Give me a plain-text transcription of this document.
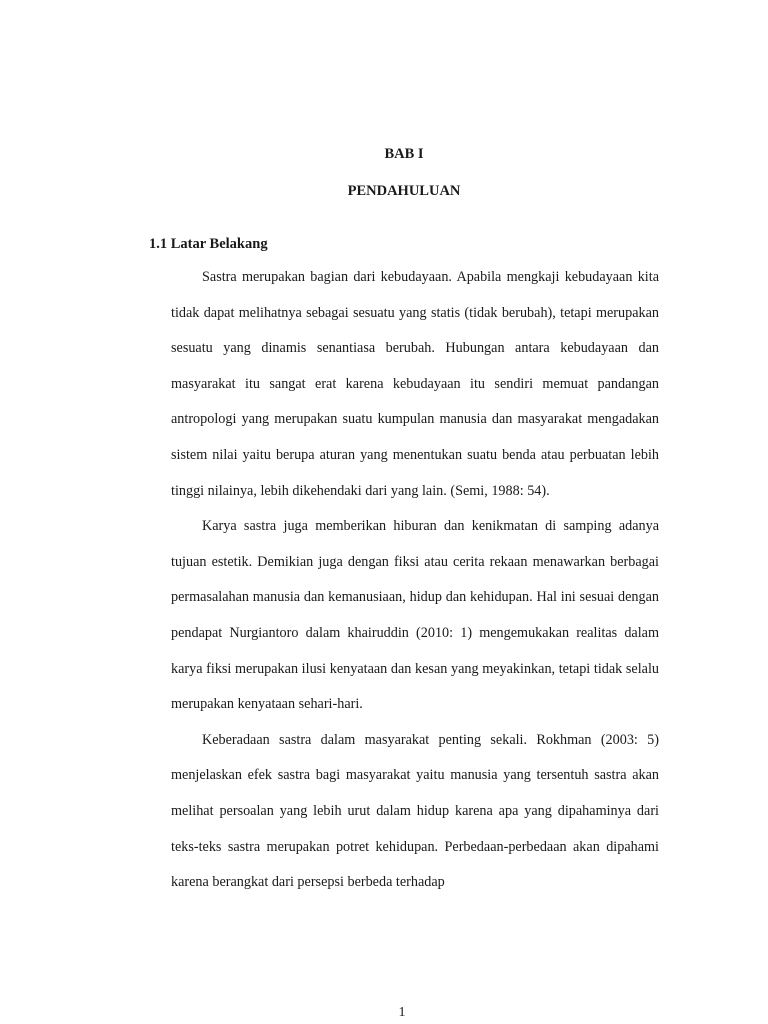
BAB I
PENDAHULUAN
1.1 Latar Belakang

Sastra merupakan bagian dari kebudayaan. Apabila mengkaji kebudayaan kita tidak dapat melihatnya sebagai sesuatu yang statis (tidak berubah), tetapi merupakan sesuatu yang dinamis senantiasa berubah. Hubungan antara kebudayaan dan masyarakat itu sangat erat karena kebudayaan itu sendiri memuat pandangan antropologi yang merupakan suatu kumpulan manusia dan masyarakat mengadakan sistem nilai yaitu berupa aturan yang menentukan suatu benda atau perbuatan lebih tinggi nilainya, lebih dikehendaki dari yang lain. (Semi, 1988: 54).

Karya sastra juga memberikan hiburan dan kenikmatan di samping adanya tujuan estetik. Demikian juga dengan fiksi atau cerita rekaan menawarkan berbagai permasalahan manusia dan kemanusiaan, hidup dan kehidupan. Hal ini sesuai dengan pendapat Nurgiantoro dalam khairuddin (2010: 1) mengemukakan realitas dalam karya fiksi merupakan ilusi kenyataan dan kesan yang meyakinkan, tetapi tidak selalu merupakan kenyataan sehari-hari.

Keberadaan sastra dalam masyarakat penting sekali. Rokhman (2003: 5) menjelaskan efek sastra bagi masyarakat yaitu manusia yang tersentuh sastra akan melihat persoalan yang lebih urut dalam hidup karena apa yang dipahaminya dari teks-teks sastra merupakan potret kehidupan. Perbedaan-perbedaan akan dipahami karena berangkat dari persepsi berbeda terhadap

1
